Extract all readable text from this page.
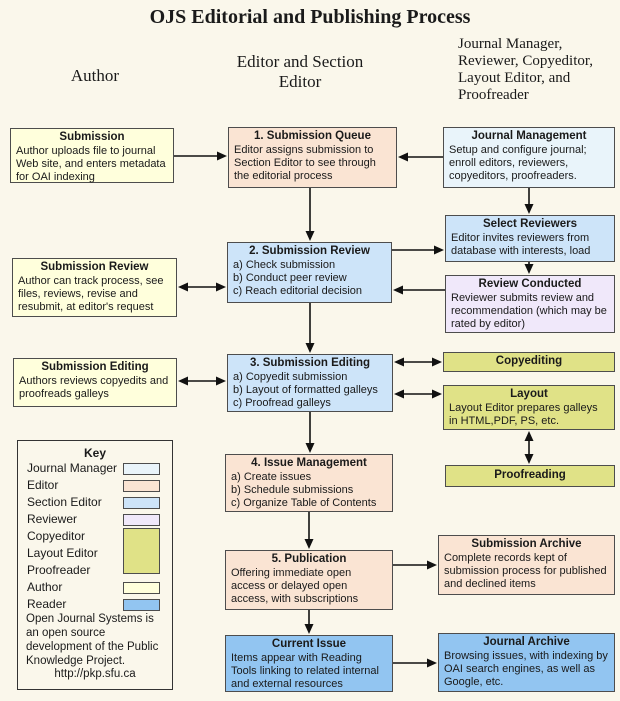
OJS Editorial and Publishing Process
Author
Editor and Section Editor
Journal Manager, Reviewer, Copyeditor, Layout Editor, and Proofreader
Submission
Author uploads file to journal Web site, and enters metadata for OAI indexing
1. Submission Queue
Editor assigns submission to Section Editor to see through the editorial process
Journal Management
Setup and configure journal; enroll editors, reviewers, copyeditors, proofreaders.
Select Reviewers
Editor invites reviewers from database with interests, load
Review Conducted
Reviewer submits review and recommendation (which may be rated by editor)
Submission Review
Author can track process, see files, reviews, revise and resubmit, at editor's request
2. Submission Review
a) Check submission
b) Conduct peer review
c) Reach editorial decision
Submission Editing
Authors reviews copyedits and proofreads galleys
3. Submission Editing
a) Copyedit submission
b) Layout of formatted galleys
c) Proofread galleys
Copyediting
Layout
Layout Editor prepares galleys in HTML,PDF, PS, etc.
Proofreading
4. Issue Management
a) Create issues
b) Schedule submissions
c) Organize Table of Contents
5. Publication
Offering immediate open access or delayed open access, with subscriptions
Submission Archive
Complete records kept of submission process for published and declined items
Current Issue
Items appear with Reading Tools linking to related internal and external resources
Journal Archive
Browsing issues, with indexing by OAI search engines, as well as Google, etc.
Key
Journal Manager
Editor
Section Editor
Reviewer
Copyeditor
Layout Editor
Proofreader
Author
Reader
Open Journal Systems is an open source development of the Public Knowledge Project.
http://pkp.sfu.ca
